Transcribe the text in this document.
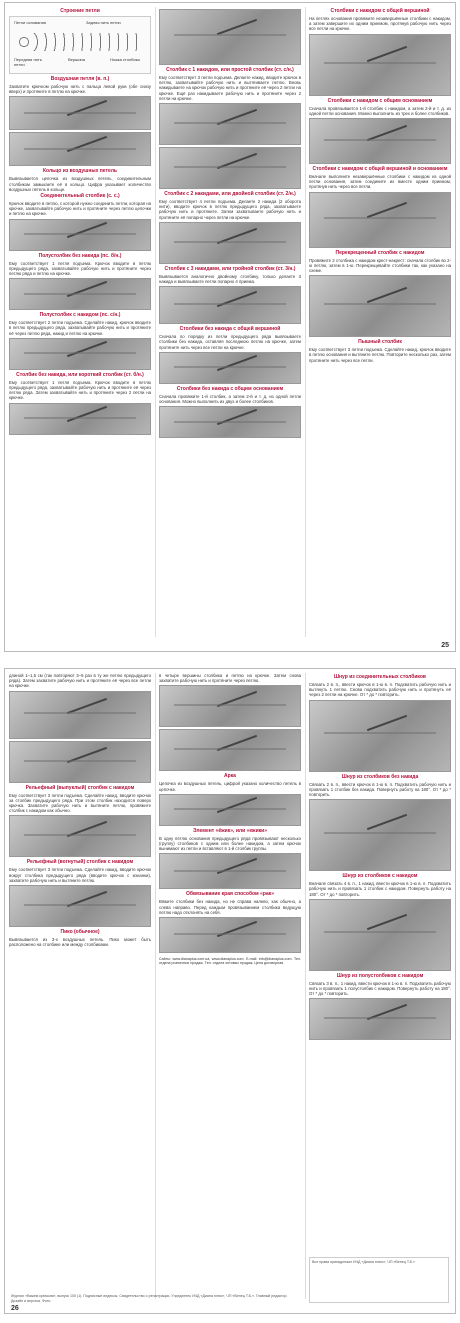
Строение петли
Петли основания	Задняя нить петли
Передняя нить петли
Вершина	Ножка столбика
Воздушная петля (в. п.)
Захватите крючком рабочую нить с пальца левой руки (обе снизу вверх) и протяните в петлю на крючке.
Кольцо из воздушных петель
Вывязывается цепочка из воздушных петель, соединительным столбиком замыкаете её в кольцо. Цифра указывает количество воздушных петель в кольце.
Соединительный столбик (с. с.)
Крючок вводите в петлю, с которой нужно соединить петли, которая на крючке, захватывайте рабочую нить и протяните через петлю цепочки и петлю на крючке.
Полустолбик без накида (пс. б/н.)
Ему соответствует 1 петля подъема. Крючок вводите в петлю предыдущего ряда, захватывайте рабочую нить и протяните через петлю ряда и петлю на крючке.
Полустолбик с накидом (пс. с/н.)
Ему соответствует 2 петли подъема. Сделайте накид, крючок вводите в петлю предыдущего ряда, захватывайте рабочую нить и протяните её через петлю ряда, накид и петлю на крючке.
Столбик без накида, или короткий столбик (ст. б/н.)
Ему соответствует 1 петля подъема. Крючок вводите в петлю предыдущего ряда, захватывайте рабочую нить и протяните её через петлю ряда. Затем захватывайте нить и протяните через 2 петли на крючке.
Столбик с 1 накидом, или простой столбик (ст. с/н.)
Ему соответствует 3 петли подъема. Делаете накид, вводите крючок в петлю, захватывайте рабочую нить и вытягиваете петлю. Вновь накидываете на крючок рабочую нить и протяните её через 2 петли на крючке. Ещё раз накидываете рабочую нить и протяните через 2 петли на крючке.
Столбик с 2 накидами, или двойной столбик (ст. 2/н.)
Ему соответствует 4 петли подъема. Делаете 2 накида (2 оборота нити), вводите крючок в петлю предыдущего ряда, захватываете рабочую нить и протяните. Затем захватываете рабочую нить и протяните её попарно через петли на крючке.
Столбик с 3 накидами, или тройной столбик (ст. 3/н.)
Вывязывается аналогично двойному столбику, только делаете 3 накида и вывязываете петли попарно 4 приема.
Столбики без накида с общей вершиной
Сначала по порядку из петли предыдущего ряда вывязываете столбики без накида, оставляя последнюю петлю на крючке, затем протяните нить через все петли на крючке.
Столбики без накида с общим основанием
Сначала провяжите 1-й столбик, а затем 2-й и т. д. из одной петли основания. Можно выполнить из двух и более столбиков.
Столбики с накидом с общей вершиной
На петлях основания провяжите незавершённые столбики с накидом, а затем завершите их одним приемом, протянув рабочую нить через все петли на крючке.
Столбики с накидом с общим основанием
Сначала провязывается 1-й столбик с накидом, а затем 2-й и т. д. из одной петли основания. Можно выполнить из трех и более столбиков.
Столбики с накидом с общей вершиной и основанием
Вначале выполните незавершённые столбики с накидом из одной петли основания, затем соедините их вместе одним приемом, протянув нить через все петли.
Перекрещенный столбик с накидом
Провяжите 2 столбика с накидом крест-накрест: сначала столбик во 2-ю петлю, затем в 1-ю. Перекрещивайте столбики так, как указано на схеме.
Пышный столбик
Ему соответствует 3 петли подъема. Сделайте накид, крючок вводите в петлю основания и вытяните петлю. Повторите несколько раз, затем протяните нить через все петли.
25
длиной 1–1,5 см (так повторяют 3–5 раз в ту же петлю предыдущего ряда). Затем захватите рабочую нить и протяните её через все петли на крючке.
Рельефный (выпуклый) столбик с накидом
Ему соответствует 3 петли подъема. Сделайте накид, вводите крючок за столбик предыдущего ряда. При этом столбик находится поверх крючка. Захватите рабочую нить и вытяните петлю, провяжите столбик с накидом как обычно.
Рельефный (вогнутый) столбик с накидом
Ему соответствует 3 петли подъема. Сделайте накид, вводите крючок вокруг столбика предыдущего ряда (вводите крючок с изнанки), захватите рабочую нить и вытяните петлю.
Пико (обычное)
Вывязывается из 3-х воздушных петель. Пико может быть расположено на столбике или между столбиками.
в четыре вершины столбика и петлю на крючке. Затем снова захватите рабочую нить и протяните через петлю.
Арка
Цепочка из воздушных петель, цифрой указано количество петель в цепочке.
Элемент «ёжик», или «ежики»
В одну петлю основания предыдущего ряда провязывают несколько (группу) столбиков с одним или более накидом, а затем крючок вынимают из петли и вставляют в 1-й столбик группы.
Обвязывание края способом «рак»
Вяжите столбики без накида, но не справа налево, как обычно, а слева направо. Перед каждым провязыванием столбика ведущую петлю надо отклонять на себя.
Сайты: www.dianaplus.com.ua, www.dianaplus.com. E-mail: info@dianaplus.com. Тел. отдела розничных продаж. Тел. отдела оптовых продаж. Цена договорная.
Шнур из соединительных столбиков
Связать 2 в. п., ввести крючок в 1-ю в. п. Подхватить рабочую нить и вытянуть 1 петлю. Снова подхватить рабочую нить и протянуть её через 2 петли на крючке. От * до * повторить.
Шнур из столбиков без накида
Связать 2 в. п., ввести крючок в 1-ю в. п. Подхватить рабочую нить и провязать 1 столбик без накида. Повернуть работу на 180°. От * до * повторить.
Шнур из столбиков с накидом
Вначале связать 4 в. п., 1 накид, ввести крючок в 1-ю в. п. Подхватить рабочую нить и провязать 1 столбик с накидом. Повернуть работу на 180°. От * до * повторить.
Шнур из полустолбиков с накидом
Связать 3 в. п., 1 накид, ввести крючок в 1-ю в. п. Подхватить рабочую нить и провязать 1 полустолбик с накидом. Повернуть работу на 180°. От * до * повторить.
Журнал «Вяжем крючком», выпуск 105 (1). Подписные индексы. Свидетельство о регистрации. Учредитель ИЧД «Диана плюс», ЧП «Венец Т.Б.». Главный редактор. Дизайн и верстка. Фото.
Все права принадлежат ИЧД «Диана плюс», ЧП «Венец Т.Б.»
26
